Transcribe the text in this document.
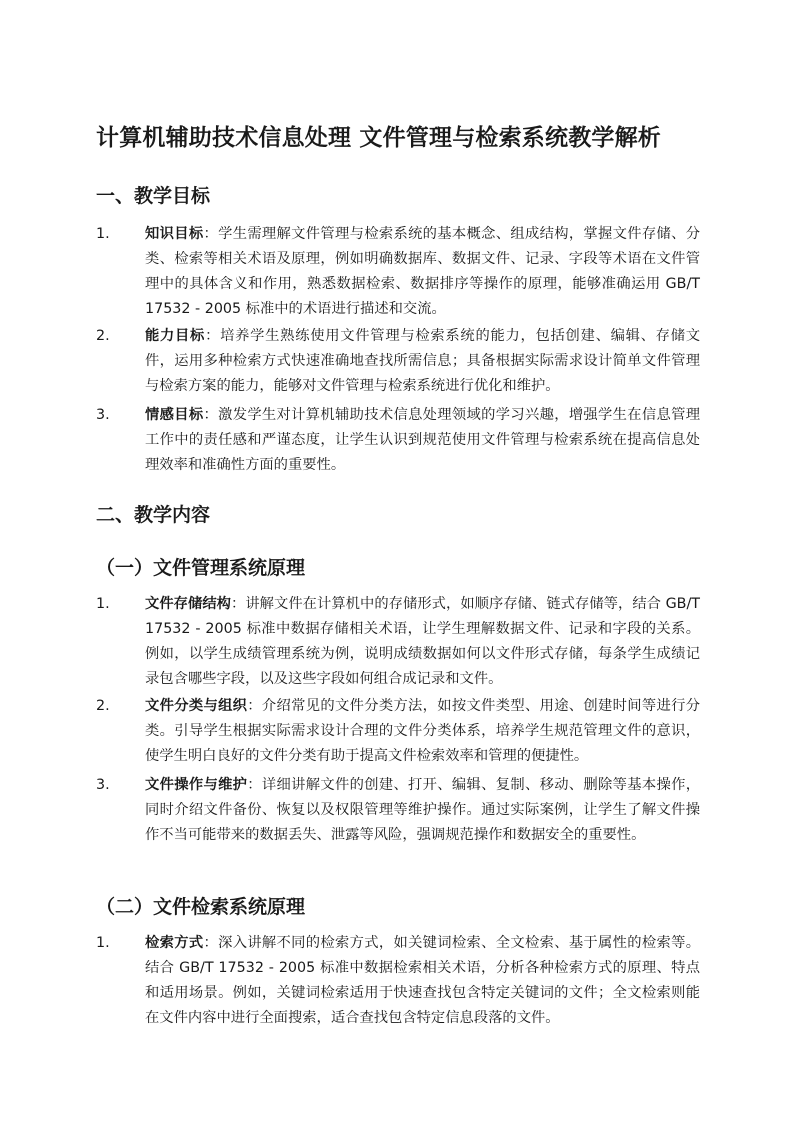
计算机辅助技术信息处理 文件管理与检索系统教学解析
一、教学目标
1.	知识目标：学生需理解文件管理与检索系统的基本概念、组成结构，掌握文件存储、分类、检索等相关术语及原理，例如明确数据库、数据文件、记录、字段等术语在文件管理中的具体含义和作用，熟悉数据检索、数据排序等操作的原理，能够准确运用 GB/T 17532 - 2005 标准中的术语进行描述和交流。
2.	能力目标：培养学生熟练使用文件管理与检索系统的能力，包括创建、编辑、存储文件，运用多种检索方式快速准确地查找所需信息；具备根据实际需求设计简单文件管理与检索方案的能力，能够对文件管理与检索系统进行优化和维护。
3.	情感目标：激发学生对计算机辅助技术信息处理领域的学习兴趣，增强学生在信息管理工作中的责任感和严谨态度，让学生认识到规范使用文件管理与检索系统在提高信息处理效率和准确性方面的重要性。
二、教学内容
（一）文件管理系统原理
1.	文件存储结构：讲解文件在计算机中的存储形式，如顺序存储、链式存储等，结合 GB/T 17532 - 2005 标准中数据存储相关术语，让学生理解数据文件、记录和字段的关系。例如，以学生成绩管理系统为例，说明成绩数据如何以文件形式存储，每条学生成绩记录包含哪些字段，以及这些字段如何组合成记录和文件。
2.	文件分类与组织：介绍常见的文件分类方法，如按文件类型、用途、创建时间等进行分类。引导学生根据实际需求设计合理的文件分类体系，培养学生规范管理文件的意识，使学生明白良好的文件分类有助于提高文件检索效率和管理的便捷性。
3.	文件操作与维护：详细讲解文件的创建、打开、编辑、复制、移动、删除等基本操作，同时介绍文件备份、恢复以及权限管理等维护操作。通过实际案例，让学生了解文件操作不当可能带来的数据丢失、泄露等风险，强调规范操作和数据安全的重要性。
（二）文件检索系统原理
1.	检索方式：深入讲解不同的检索方式，如关键词检索、全文检索、基于属性的检索等。结合 GB/T 17532 - 2005 标准中数据检索相关术语，分析各种检索方式的原理、特点和适用场景。例如，关键词检索适用于快速查找包含特定关键词的文件；全文检索则能在文件内容中进行全面搜索，适合查找包含特定信息段落的文件。
